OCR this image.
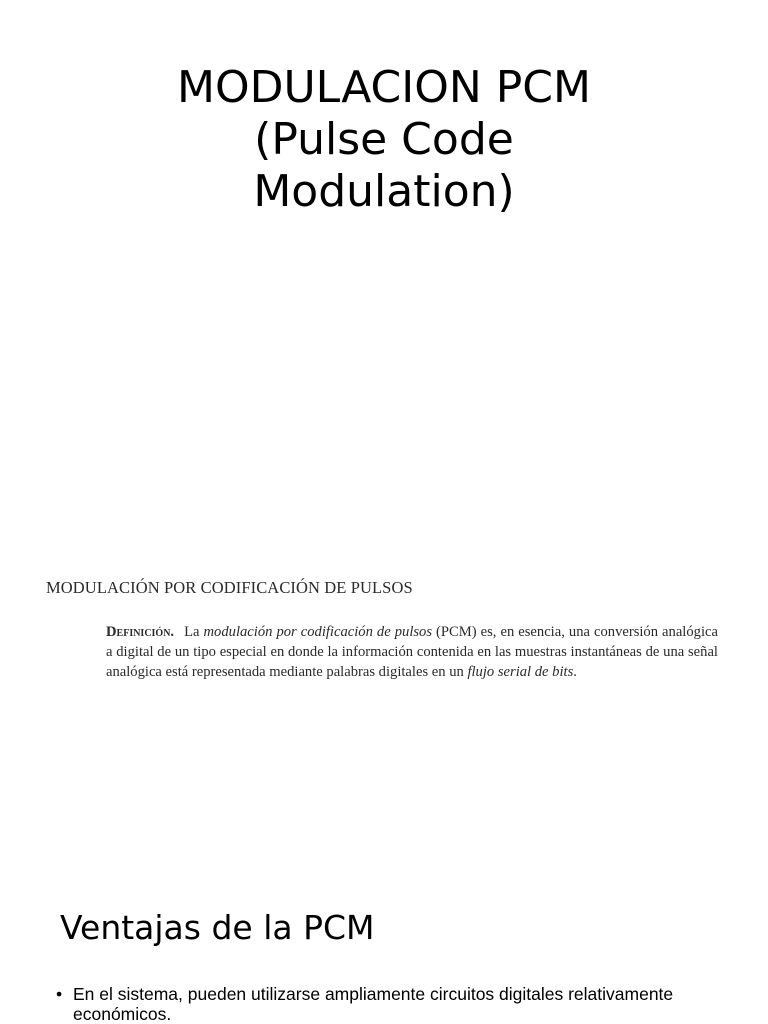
MODULACION PCM
(Pulse Code
Modulation)

MODULACIÓN POR CODIFICACIÓN DE PULSOS

Definición. La modulación por codificación de pulsos (PCM) es, en esencia, una conversión analógica a digital de un tipo especial en donde la información contenida en las muestras instantáneas de una señal analógica está representada mediante palabras digitales en un flujo serial de bits.

Ventajas de la PCM
• En el sistema, pueden utilizarse ampliamente circuitos digitales relativamente económicos.
